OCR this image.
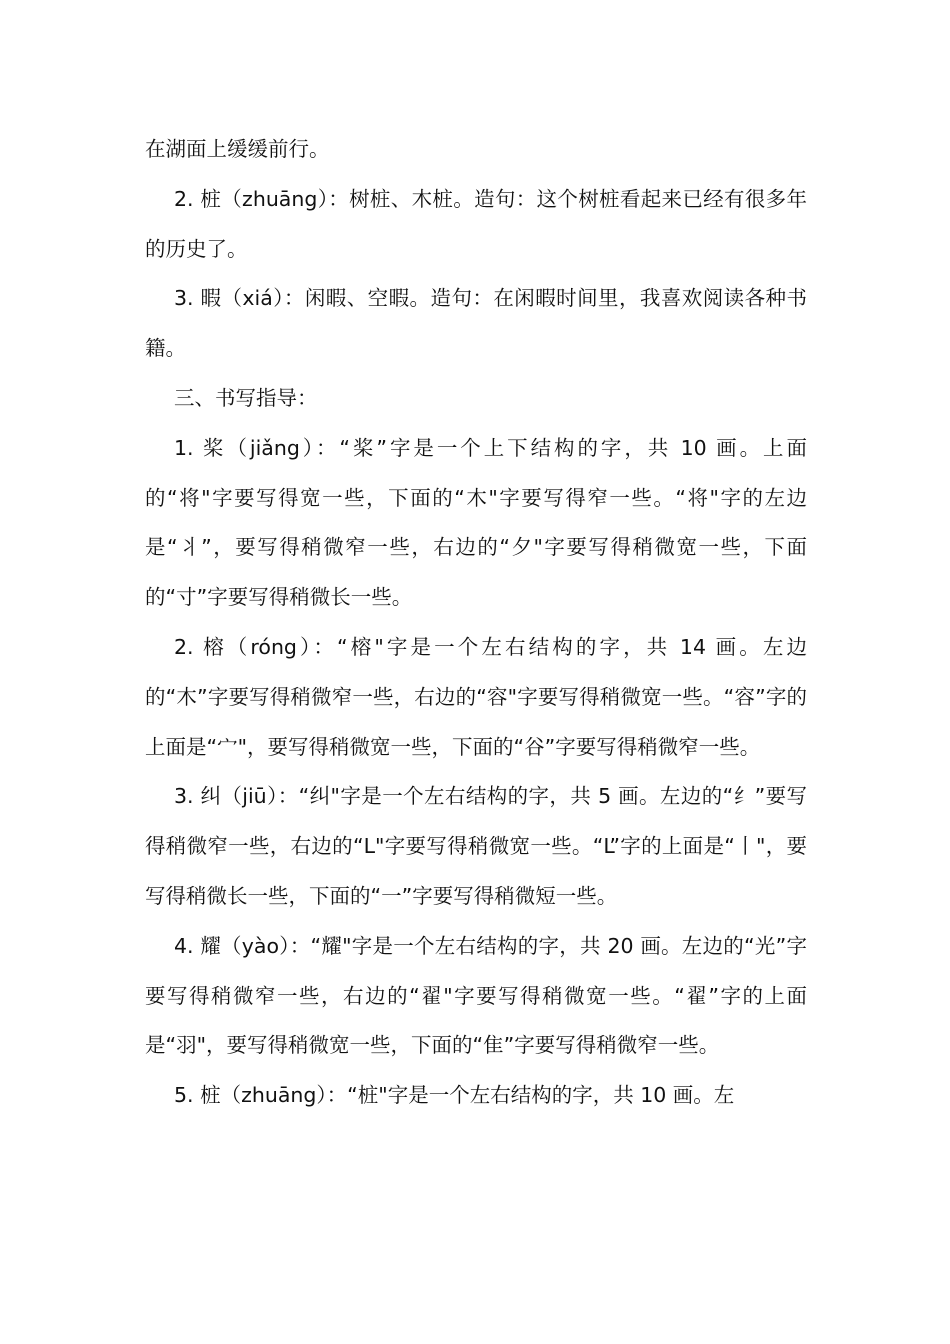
在湖面上缓缓前行。

2. 桩（zhuāng）：树桩、木桩。造句：这个树桩看起来已经有很多年的历史了。

3. 暇（xiá）：闲暇、空暇。造句：在闲暇时间里，我喜欢阅读各种书籍。

三、书写指导：

1. 桨（jiǎng）：“桨”字是一个上下结构的字，共 10 画。上面的“将"字要写得宽一些，下面的“木"字要写得窄一些。“将"字的左边是“丬”，要写得稍微窄一些，右边的“夕"字要写得稍微宽一些，下面的“寸”字要写得稍微长一些。

2. 榕（róng）：“榕"字是一个左右结构的字，共 14 画。左边的“木”字要写得稍微窄一些，右边的“容"字要写得稍微宽一些。“容”字的上面是“宀"，要写得稍微宽一些，下面的“谷”字要写得稍微窄一些。

3. 纠（jiū）：“纠"字是一个左右结构的字，共 5 画。左边的“纟”要写得稍微窄一些，右边的“L"字要写得稍微宽一些。“L”字的上面是“丨"，要写得稍微长一些，下面的“一”字要写得稍微短一些。

4. 耀（yào）：“耀"字是一个左右结构的字，共 20 画。左边的“光”字要写得稍微窄一些，右边的“翟"字要写得稍微宽一些。“翟”字的上面是“羽"，要写得稍微宽一些，下面的“隹”字要写得稍微窄一些。

5. 桩（zhuāng）：“桩"字是一个左右结构的字，共 10 画。左
